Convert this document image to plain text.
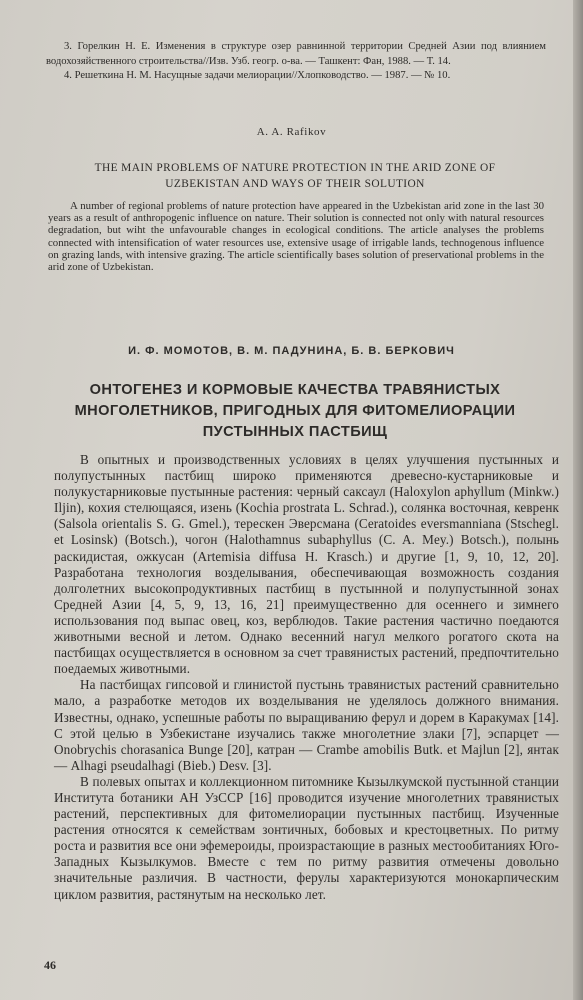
3. Горелкин Н. Е. Изменения в структуре озер равнинной территории Средней Азии под влиянием водохозяйственного строительства//Изв. Узб. геогр. о-ва. — Ташкент: Фан, 1988. — Т. 14.

4. Решеткина Н. М. Насущные задачи мелиорации//Хлопководство. — 1987. — № 10.

A. A. Rafikov
THE MAIN PROBLEMS OF NATURE PROTECTION IN THE ARID ZONE OF UZBEKISTAN AND WAYS OF THEIR SOLUTION

A number of regional problems of nature protection have appeared in the Uzbekistan arid zone in the last 30 years as a result of anthropogenic influence on nature. Their solution is connected not only with natural resources degradation, but wiht the unfavourable changes in ecological conditions. The article analyses the problems connected with intensification of water resources use, extensive usage of irrigable lands, technogenous influence on grazing lands, with intensive grazing. The article scientifically bases solution of preservational problems in the arid zone of Uzbekistan.

И. Ф. МОМОТОВ, В. М. ПАДУНИНА, Б. В. БЕРКОВИЧ
ОНТОГЕНЕЗ И КОРМОВЫЕ КАЧЕСТВА ТРАВЯНИСТЫХ МНОГОЛЕТНИКОВ, ПРИГОДНЫХ ДЛЯ ФИТОМЕЛИОРАЦИИ ПУСТЫННЫХ ПАСТБИЩ

В опытных и производственных условиях в целях улучшения пустынных и полупустынных пастбищ широко применяются древесно-кустарниковые и полукустарниковые пустынные растения: черный саксаул (Haloxylon aphyllum (Minkw.) Iljin), кохия стелющаяся, изень (Kochia prostrata L. Schrad.), солянка восточная, кевренк (Salsola orientalis S. G. Gmel.), терескен Эверсмана (Ceratoides eversmanniana (Stschegl. et Losinsk) (Botsch.), чогон (Halothamnus subaphyllus (C. A. Mey.) Botsch.), полынь раскидистая, ожкусан (Artemisia diffusa H. Krasch.) и другие [1, 9, 10, 12, 20]. Разработана технология возделывания, обеспечивающая возможность создания долголетних высокопродуктивных пастбищ в пустынной и полупустынной зонах Средней Азии [4, 5, 9, 13, 16, 21] преимущественно для осеннего и зимнего использования под выпас овец, коз, верблюдов. Такие растения частично поедаются животными весной и летом. Однако весенний нагул мелкого рогатого скота на пастбищах осуществляется в основном за счет травянистых растений, предпочтительно поедаемых животными.

На пастбищах гипсовой и глинистой пустынь травянистых растений сравнительно мало, а разработке методов их возделывания не уделялось должного внимания. Известны, однако, успешные работы по выращиванию ферул и дорем в Каракумах [14]. С этой целью в Узбекистане изучались также многолетние злаки [7], эспарцет — Onobrychis chorasanica Bunge [20], катран — Crambe amobilis Butk. et Majlun [2], янтак — Alhagi pseudalhagi (Bieb.) Desv. [3].

В полевых опытах и коллекционном питомнике Кызылкумской пустынной станции Института ботаники АН УзССР [16] проводится изучение многолетних травянистых растений, перспективных для фитомелиорации пустынных пастбищ. Изученные растения относятся к семействам зонтичных, бобовых и крестоцветных. По ритму роста и развития все они эфемероиды, произрастающие в разных местообитаниях Юго-Западных Кызылкумов. Вместе с тем по ритму развития отмечены довольно значительные различия. В частности, ферулы характеризуются монокарпическим циклом развития, растянутым на несколько лет.

46
